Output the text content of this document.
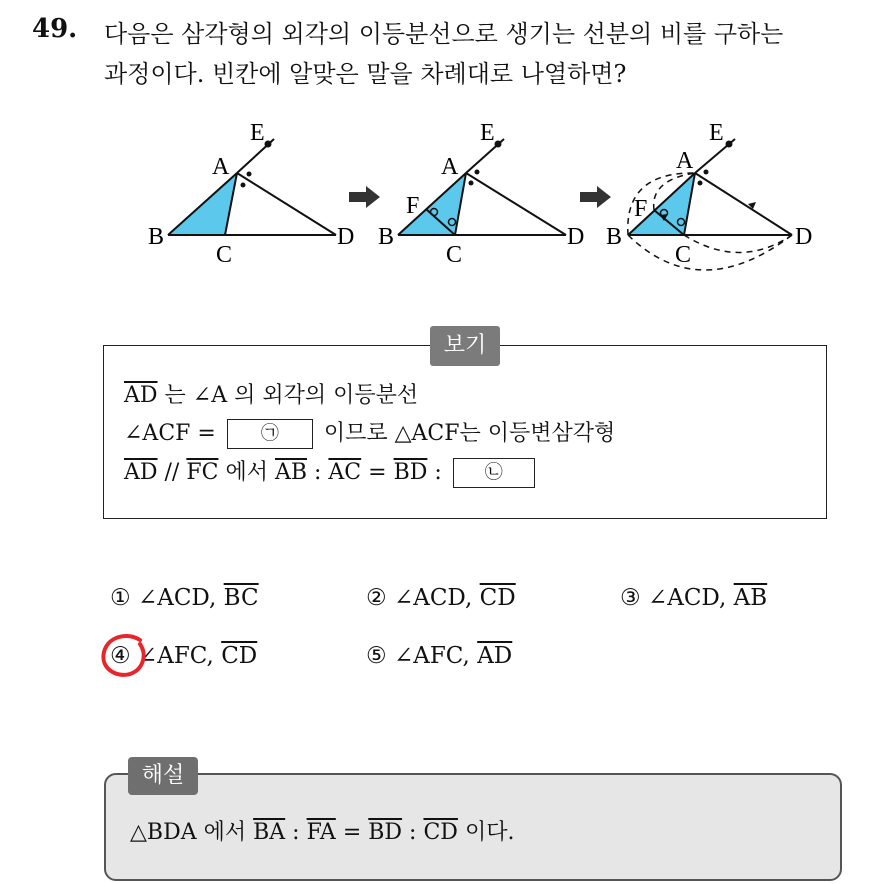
49. 다음은 삼각형의 외각의 이등분선으로 생기는 선분의 비를 구하는
과정이다. 빈칸에 알맞은 말을 차례대로 나열하면?
B
C
D
A
E
B
C
D
A
E
F
B
C
D
A
E
F
보기
$\overline{AD}$ 는 ∠A 의 외각의 이등분선
∠ACF = ㉠ 이므로 △ACF는 이등변삼각형
$\overline{AD} // \overline{FC}$ 에서 $\overline{AB}$ : $\overline{AC} = \overline{BD}$ : ㉡
① ∠ACD, $\overline{BC}$	② ∠ACD, $\overline{CD}$	③ ∠ACD, $\overline{AB}$
④ ∠AFC, $\overline{CD}$	⑤ ∠AFC, $\overline{AD}$
해설
△BDA 에서 $\overline{BA}$ : $\overline{FA} = \overline{BD}$ : $\overline{CD}$ 이다.
